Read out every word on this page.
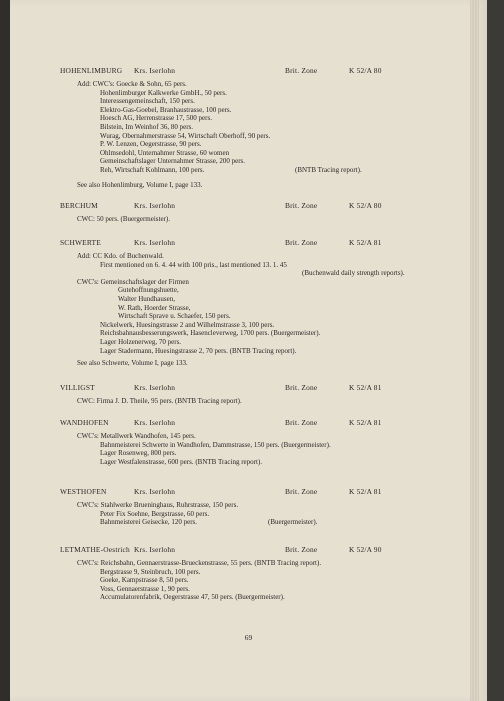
HOHENLIMBURG Krs. Iserlohn	Brit. Zone	K 52/A 80
Add: CWC's: Goecke & Sohn, 65 pers.
Hohenlimburger Kalkwerke GmbH., 50 pers.
Interessengemeinschaft, 150 pers.
Elektro-Gas-Goebel, Branhaustrasse, 100 pers.
Hoesch AG, Herrenstrasse 17, 500 pers.
Bilstein, Im Weinhof 36, 80 pers.
Wurag, Obernahmerstrasse 54, Wirtschaft Oberhoff, 90 pers.
P. W. Lenzen, Oegerstrasse, 90 pers.
Ohlmsedohl, Unternahmer Strasse, 60 women
Gemeinschaftslager Unternahmer Strasse, 200 pers.
Reh, Wirtschaft Kohlmann, 100 pers.	(BNTB Tracing report).
See also Hohenlimburg, Volume I, page 133.
BERCHUM	Krs. Iserlohn	Brit. Zone	K 52/A 80
CWC: 50 pers. (Buergermeister).
SCHWERTE	Krs. Iserlohn	Brit. Zone	K 52/A 81
Add: CC Kdo. of Buchenwald.
First mentioned on 6. 4. 44 with 100 pris., last mentioned 13. 1. 45
(Buchenwald daily strength reports).
CWC's: Gemeinschaftslager der Firmen
Gutehoffnungshuette,
Walter Hundhausen,
W. Rath, Hoerder Strasse,
Wirtschaft Sprave u. Schaefer, 150 pers.
Nickelwerk, Huesingstrasse 2 and Wilhelmstrasse 3, 100 pers.
Reichsbahnausbesserungswerk, Hasencleverweg, 1700 pers. (Buergermeister).
Lager Holzenerweg, 70 pers.
Lager Stadermann, Huesingstrasse 2, 70 pers. (BNTB Tracing report).
See also Schwerte, Volume I, page 133.
VILLIGST	Krs. Iserlohn	Brit. Zone	K 52/A 81
CWC: Firma J. D. Theile, 95 pers. (BNTB Tracing report).
WANDHOFEN	Krs. Iserlohn	Brit. Zone	K 52/A 81
CWC's: Metallwerk Wandhofen, 145 pers.
Bahnmeisterei Schwerte in Wandhofen, Dammstrasse, 150 pers. (Buergermeister).
Lager Rosenweg, 800 pers.
Lager Westfalenstrasse, 600 pers. (BNTB Tracing report).
WESTHOFEN	Krs. Iserlohn	Brit. Zone	K 52/A 81
CWC's: Stahlwerke Brueninghaus, Ruhrstrasse, 150 pers.
Peter Fix Soehne, Bergstrasse, 60 pers.
Bahnmeisterei Geisecke, 120 pers.	(Buergermeister).
LETMATHE-Oestrich Krs. Iserlohn	Brit. Zone	K 52/A 90
CWC's: Reichsbahn, Gennaerstrasse-Brueckenstrasse, 55 pers. (BNTB Tracing report).
Bergstrasse 9, Steinbruch, 100 pers.
Goeke, Kampstrasse 8, 50 pers.
Voss, Gennaerstrasse 1, 90 pers.
Accumulatorenfabrik, Oegerstrasse 47, 50 pers. (Buergermeister).
69
